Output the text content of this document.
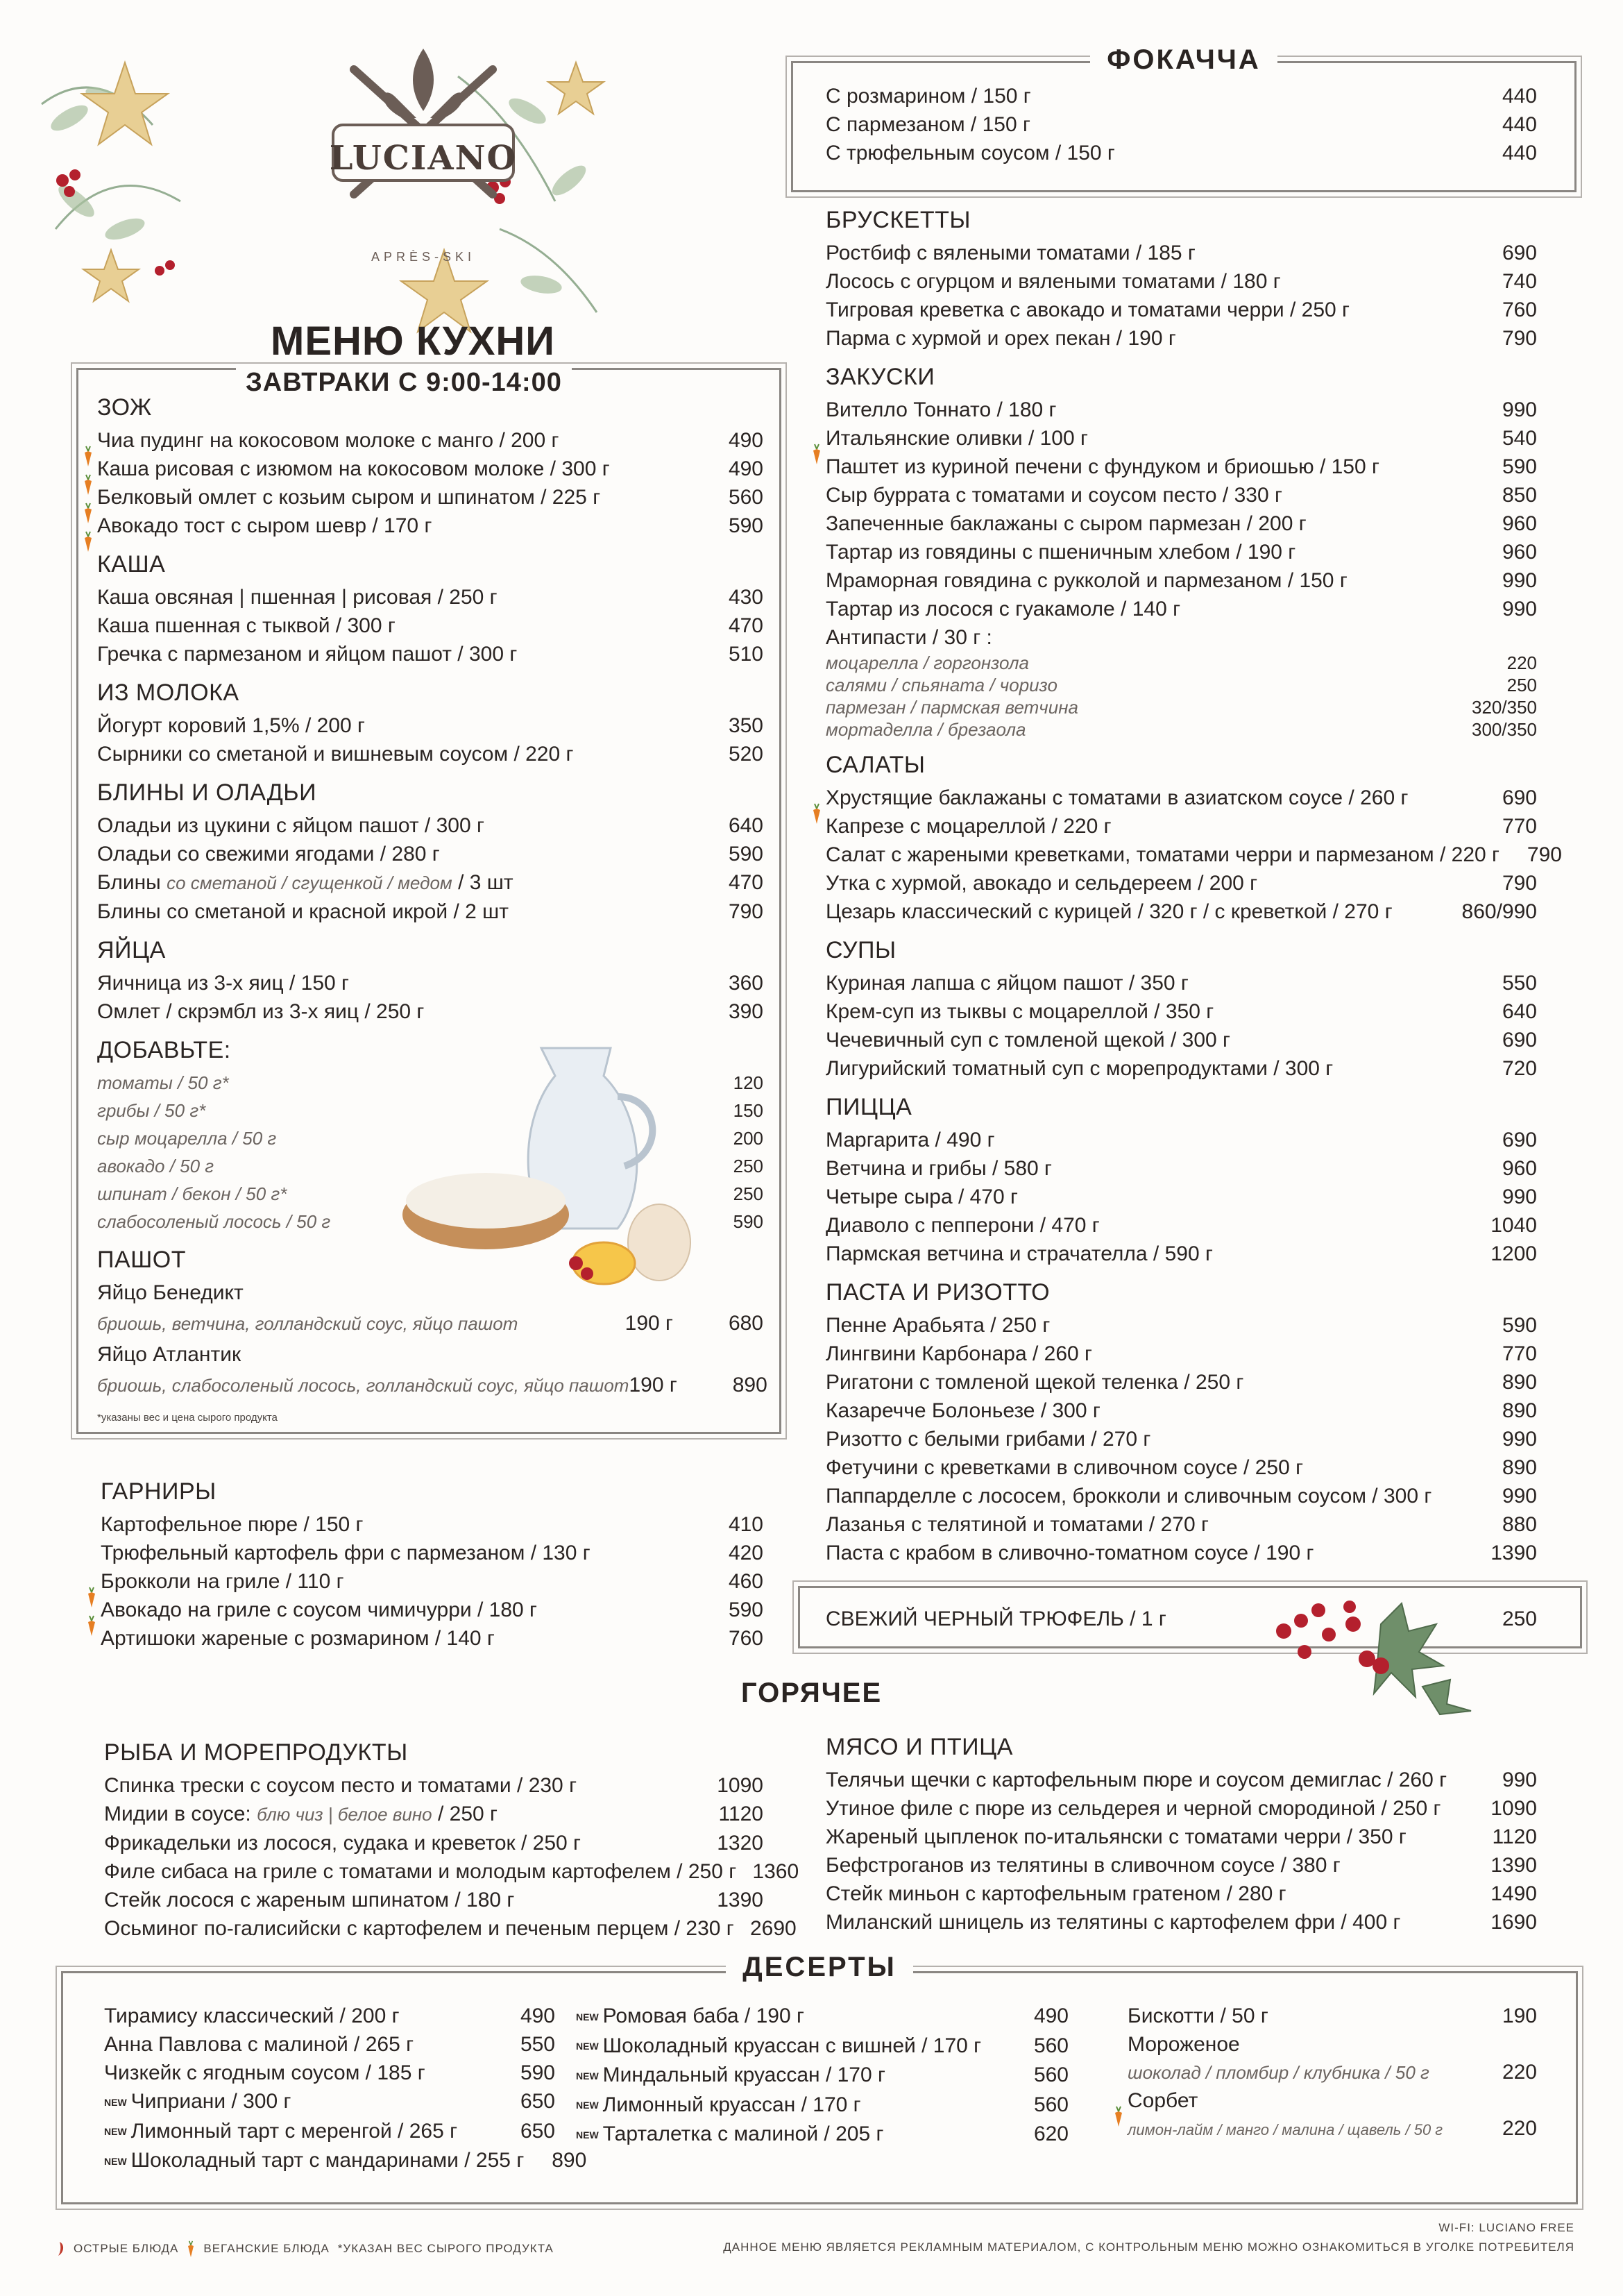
LUCIANO
APRÈS-SKI
МЕНЮ КУХНИ
ЗАВТРАКИ С 9:00-14:00
ЗОЖ
Чиа пудинг на кокосовом молоке с манго / 200 г	490
Каша рисовая с изюмом на кокосовом молоке / 300 г	490
Белковый омлет с козьим сыром и шпинатом / 225 г	560
Авокадо тост с сыром шевр / 170 г	590
КАША
Каша овсяная | пшенная | рисовая / 250 г	430
Каша пшенная с тыквой / 300 г	470
Гречка с пармезаном и яйцом пашот / 300 г	510
ИЗ МОЛОКА
Йогурт коровий 1,5% / 200 г	350
Сырники со сметаной и вишневым соусом / 220 г	520
БЛИНЫ И ОЛАДЬИ
Оладьи из цукини с яйцом пашот / 300 г	640
Оладьи со свежими ягодами / 280 г	590
Блины со сметаной / сгущенкой / медом / 3 шт	470
Блины со сметаной и красной икрой / 2 шт	790
ЯЙЦА
Яичница из 3-х яиц / 150 г	360
Омлет / скрэмбл из 3-х яиц / 250 г	390
ДОБАВЬТЕ:
томаты / 50 г*	120
грибы / 50 г*	150
сыр моцарелла / 50 г	200
авокадо / 50 г	250
шпинат / бекон / 50 г*	250
слабосоленый лосось / 50 г	590
ПАШОТ
Яйцо Бенедикт
бриошь, ветчина, голландский соус, яйцо пашот	190 г	680
Яйцо Атлантик
бриошь, слабосоленый лосось, голландский соус, яйцо пашот 190 г	890
*указаны вес и цена сырого продукта
ГАРНИРЫ
Картофельное пюре / 150 г	410
Трюфельный картофель фри с пармезаном / 130 г	420
Брокколи на гриле / 110 г	460
Авокадо на гриле с соусом чимичурри / 180 г	590
Артишоки жареные с розмарином / 140 г	760
ФОКАЧЧА
С розмарином / 150 г	440
С пармезаном / 150 г	440
С трюфельным соусом / 150 г	440
БРУСКЕТТЫ
Ростбиф с вялеными томатами / 185 г	690
Лосось с огурцом и вялеными томатами / 180 г	740
Тигровая креветка с авокадо и томатами черри / 250 г	760
Парма с хурмой и орех пекан / 190 г	790
ЗАКУСКИ
Вителло Тоннато / 180 г	990
Итальянские оливки / 100 г	540
Паштет из куриной печени с фундуком и бриошью / 150 г	590
Сыр буррата с томатами и соусом песто / 330 г	850
Запеченные баклажаны с сыром пармезан / 200 г	960
Тартар из говядины с пшеничным хлебом / 190 г	960
Мраморная говядина с рукколой и пармезаном / 150 г	990
Тартар из лосося с гуакамоле / 140 г	990
Антипасти / 30 г :
моцарелла / горгонзола	220
салями / спьяната / чоризо	250
пармезан / пармская ветчина	320/350
мортаделла / брезаола	300/350
САЛАТЫ
Хрустящие баклажаны с томатами в азиатском соусе / 260 г	690
Капрезе с моцареллой / 220 г	770
Салат с жареными креветками, томатами черри и пармезаном / 220 г	790
Утка с хурмой, авокадо и сельдереем / 200 г	790
Цезарь классический с курицей / 320 г / с креветкой / 270 г	860/990
СУПЫ
Куриная лапша с яйцом пашот / 350 г	550
Крем-суп из тыквы с моцареллой / 350 г	640
Чечевичный суп с томленой щекой / 300 г	690
Лигурийский томатный суп с морепродуктами / 300 г	720
ПИЦЦА
Маргарита / 490 г	690
Ветчина и грибы / 580 г	960
Четыре сыра / 470 г	990
Диаволо с пепперони / 470 г	1040
Пармская ветчина и страчателла / 590 г	1200
ПАСТА И РИЗОТТО
Пенне Арабьята / 250 г	590
Лингвини Карбонара / 260 г	770
Ригатони с томленой щекой теленка / 250 г	890
Казаречче Болоньезе / 300 г	890
Ризотто с белыми грибами / 270 г	990
Фетучини с креветками в сливочном соусе / 250 г	890
Паппарделле с лососем, брокколи и сливочным соусом / 300 г	990
Лазанья с телятиной и томатами / 270 г	880
Паста с крабом в сливочно-томатном соусе / 190 г	1390
СВЕЖИЙ ЧЕРНЫЙ ТРЮФЕЛЬ / 1 г	250
ГОРЯЧЕЕ
РЫБА И МОРЕПРОДУКТЫ
Спинка трески с соусом песто и томатами / 230 г	1090
Мидии в соусе: блю чиз | белое вино / 250 г	1120
Фрикадельки из лосося, судака и креветок / 250 г	1320
Филе сибаса на гриле с томатами и молодым картофелем / 250 г 1360
Стейк лосося с жареным шпинатом / 180 г	1390
Осьминог по-галисийски с картофелем и печеным перцем / 230 г 2690
МЯСО И ПТИЦА
Телячьи щечки с картофельным пюре и соусом демиглас / 260 г	990
Утиное филе с пюре из сельдерея и черной смородиной / 250 г	1090
Жареный цыпленок по-итальянски с томатами черри / 350 г	1120
Бефстроганов из телятины в сливочном соусе / 380 г	1390
Стейк миньон с картофельным гратеном / 280 г	1490
Миланский шницель из телятины с картофелем фри / 400 г	1690
ДЕСЕРТЫ
Тирамису классический / 200 г	490
Анна Павлова с малиной / 265 г	550
Чизкейк с ягодным соусом / 185 г	590
NEW Чиприани / 300 г	650
NEW Лимонный тарт с меренгой / 265 г	650
NEW Шоколадный тарт с мандаринами / 255 г	890
NEW Ромовая баба / 190 г	490
NEW Шоколадный круассан с вишней / 170 г	560
NEW Миндальный круассан / 170 г	560
NEW Лимонный круассан / 170 г	560
NEW Тарталетка с малиной / 205 г	620
Бискотти / 50 г	190
Мороженое
шоколад / пломбир / клубника / 50 г	220
Сорбет
лимон-лайм / манго / малина / щавель / 50 г	220
ОСТРЫЕ БЛЮДА ВЕГАНСКИЕ БЛЮДА *УКАЗАН ВЕС СЫРОГО ПРОДУКТА
WI-FI: LUCIANO FREE
ДАННОЕ МЕНЮ ЯВЛЯЕТСЯ РЕКЛАМНЫМ МАТЕРИАЛОМ, С КОНТРОЛЬНЫМ МЕНЮ МОЖНО ОЗНАКОМИТЬСЯ В УГОЛКЕ ПОТРЕБИТЕЛЯ
